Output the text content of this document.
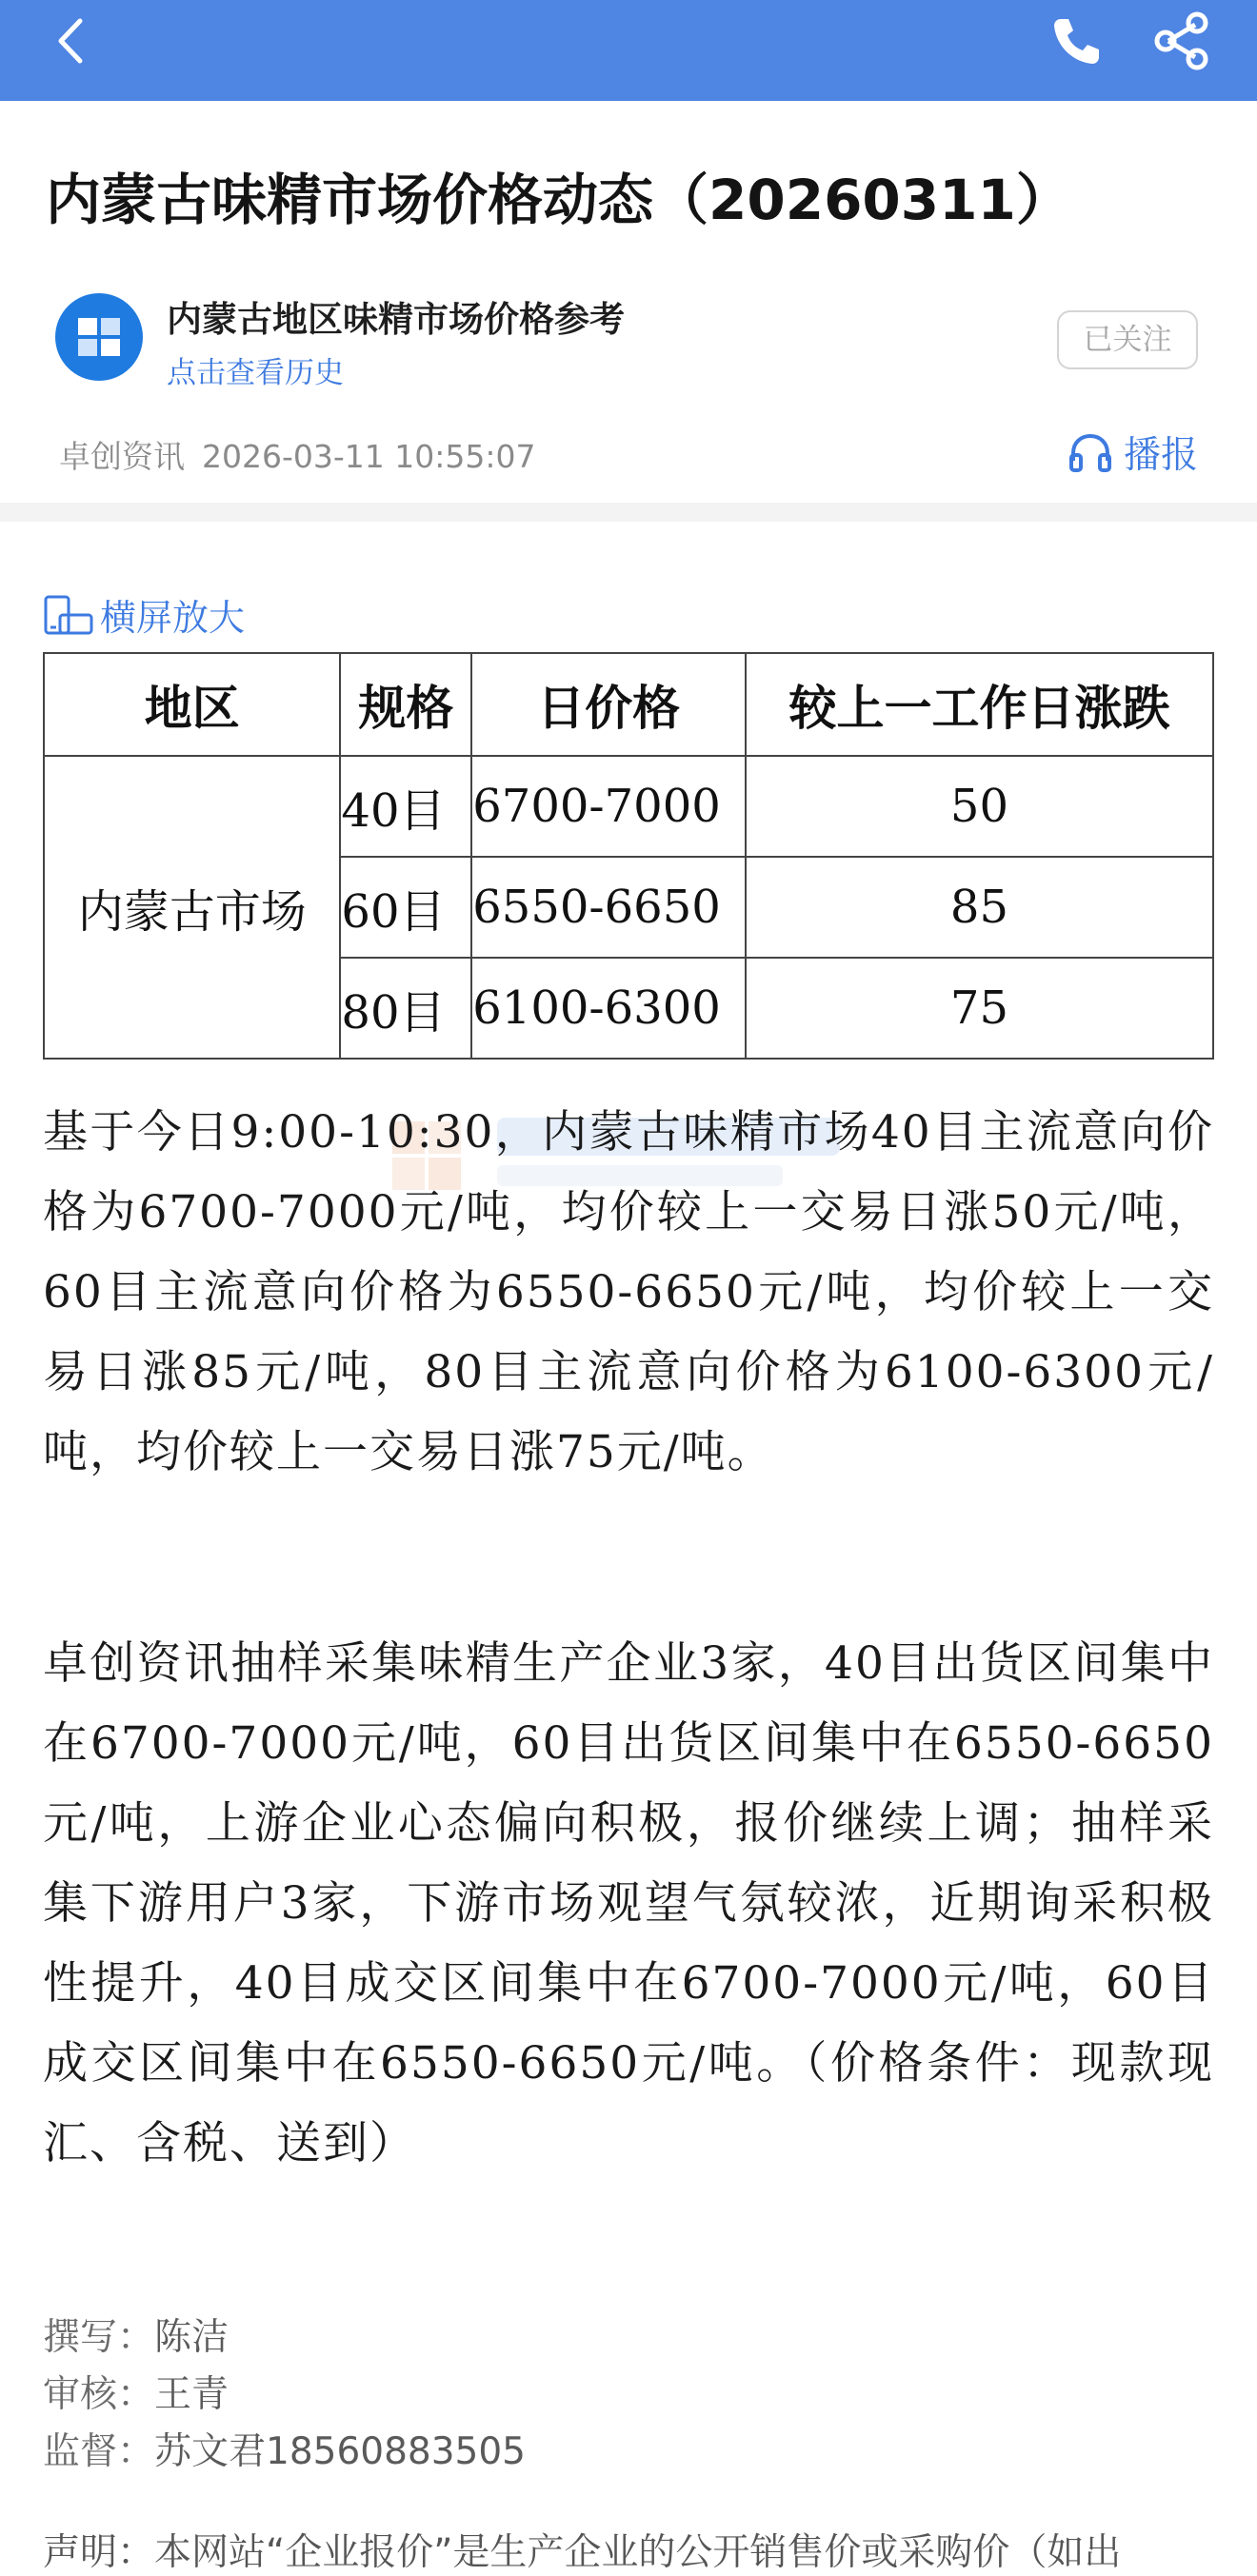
内蒙古味精市场价格动态（20260311）
内蒙古地区味精市场价格参考
点击查看历史
已关注
卓创资讯 2026-03-11 10:55:07	播报
横屏放大
地区	规格	日价格	较上一工作日涨跌
内蒙古市场	40目	6700-7000	50
	60目	6550-6650	85
	80目	6100-6300	75
基于今日9:00-10:30，内蒙古味精市场40目主流意向价格为6700-7000元/吨，均价较上一交易日涨50元/吨，60目主流意向价格为6550-6650元/吨，均价较上一交易日涨85元/吨，80目主流意向价格为6100-6300元/吨，均价较上一交易日涨75元/吨。
卓创资讯抽样采集味精生产企业3家，40目出货区间集中在6700-7000元/吨，60目出货区间集中在6550-6650元/吨，上游企业心态偏向积极，报价继续上调；抽样采集下游用户3家，下游市场观望气氛较浓，近期询采积极性提升，40目成交区间集中在6700-7000元/吨，60目成交区间集中在6550-6650元/吨。（价格条件：现款现汇、含税、送到）
撰写：陈洁
审核：王青
监督：苏文君18560883505
声明：本网站“企业报价”是生产企业的公开销售价或采购价（如出
